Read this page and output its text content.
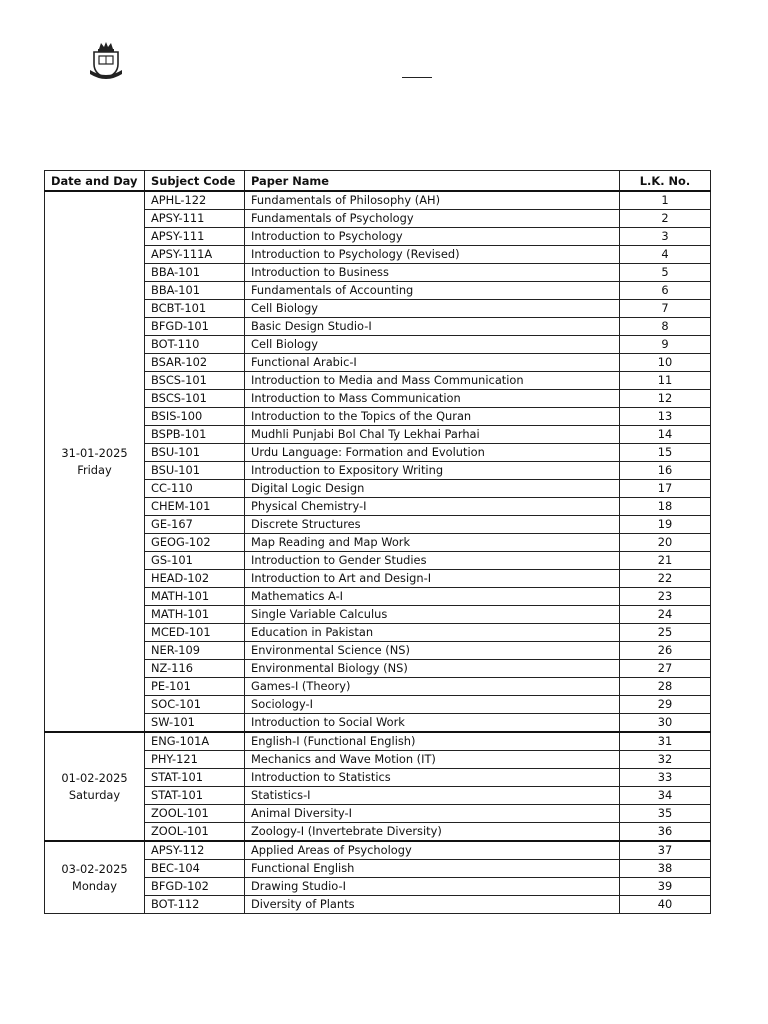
Date and Day	Subject Code	Paper Name	L.K. No.

31-01-2025
Friday	APHL-122	Fundamentals of Philosophy (AH)	1
	APSY-111	Fundamentals of Psychology	2
	APSY-111	Introduction to Psychology	3
	APSY-111A	Introduction to Psychology (Revised)	4
	BBA-101	Introduction to Business	5
	BBA-101	Fundamentals of Accounting	6
	BCBT-101	Cell Biology	7
	BFGD-101	Basic Design Studio-I	8
	BOT-110	Cell Biology	9
	BSAR-102	Functional Arabic-I	10
	BSCS-101	Introduction to Media and Mass Communication	11
	BSCS-101	Introduction to Mass Communication	12
	BSIS-100	Introduction to the Topics of the Quran	13
	BSPB-101	Mudhli Punjabi Bol Chal Ty Lekhai Parhai	14
	BSU-101	Urdu Language: Formation and Evolution	15
	BSU-101	Introduction to Expository Writing	16
	CC-110	Digital Logic Design	17
	CHEM-101	Physical Chemistry-I	18
	GE-167	Discrete Structures	19
	GEOG-102	Map Reading and Map Work	20
	GS-101	Introduction to Gender Studies	21
	HEAD-102	Introduction to Art and Design-I	22
	MATH-101	Mathematics A-I	23
	MATH-101	Single Variable Calculus	24
	MCED-101	Education in Pakistan	25
	NER-109	Environmental Science (NS)	26
	NZ-116	Environmental Biology (NS)	27
	PE-101	Games-I (Theory)	28
	SOC-101	Sociology-I	29
	SW-101	Introduction to Social Work	30

01-02-2025
Saturday	ENG-101A	English-I (Functional English)	31
	PHY-121	Mechanics and Wave Motion (IT)	32
	STAT-101	Introduction to Statistics	33
	STAT-101	Statistics-I	34
	ZOOL-101	Animal Diversity-I	35
	ZOOL-101	Zoology-I (Invertebrate Diversity)	36

03-02-2025
Monday	APSY-112	Applied Areas of Psychology	37
	BEC-104	Functional English	38
	BFGD-102	Drawing Studio-I	39
	BOT-112	Diversity of Plants	40
